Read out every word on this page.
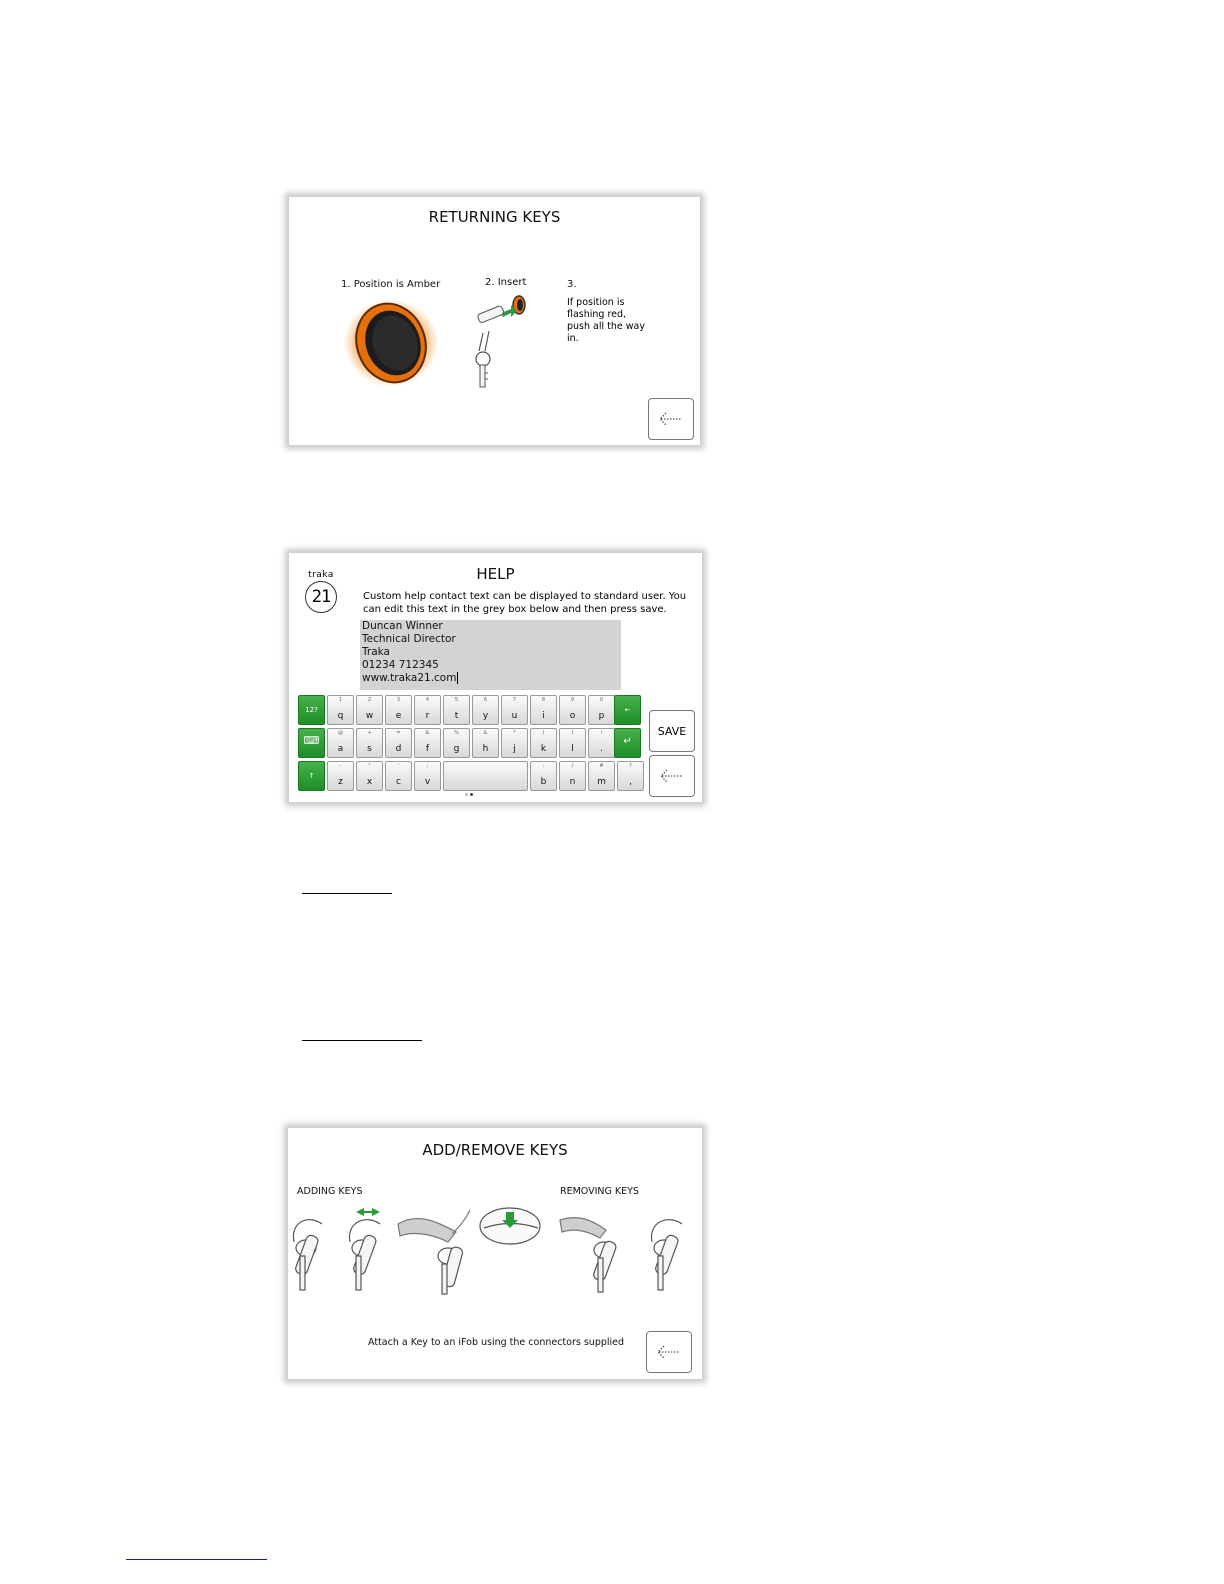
RETURNING KEYS
1. Position is Amber	2. Insert	3.
If position is
flashing red,
push all the way
in.
HELP
traka
21	Custom help contact text can be displayed to standard user. You
can edit this text in the grey box below and then press save.
Duncan Winner
Technical Director
Traka
01234 712345
www.traka21.com
12?
1
q
2
w
3
e
4
r
5
t
6
y
7
u
8
i
9
o
0
p
←
⌨
@
a
+
s
=
d
&
f
%
g
&
h
*
j
(
k
)
l
!
.
↵
↑
-
z
"
x
'
c
;
v
:
b
/
n
#
m
?
,
SAVE
ADD/REMOVE KEYS
ADDING KEYS	REMOVING KEYS
Attach a Key to an iFob using the connectors supplied
